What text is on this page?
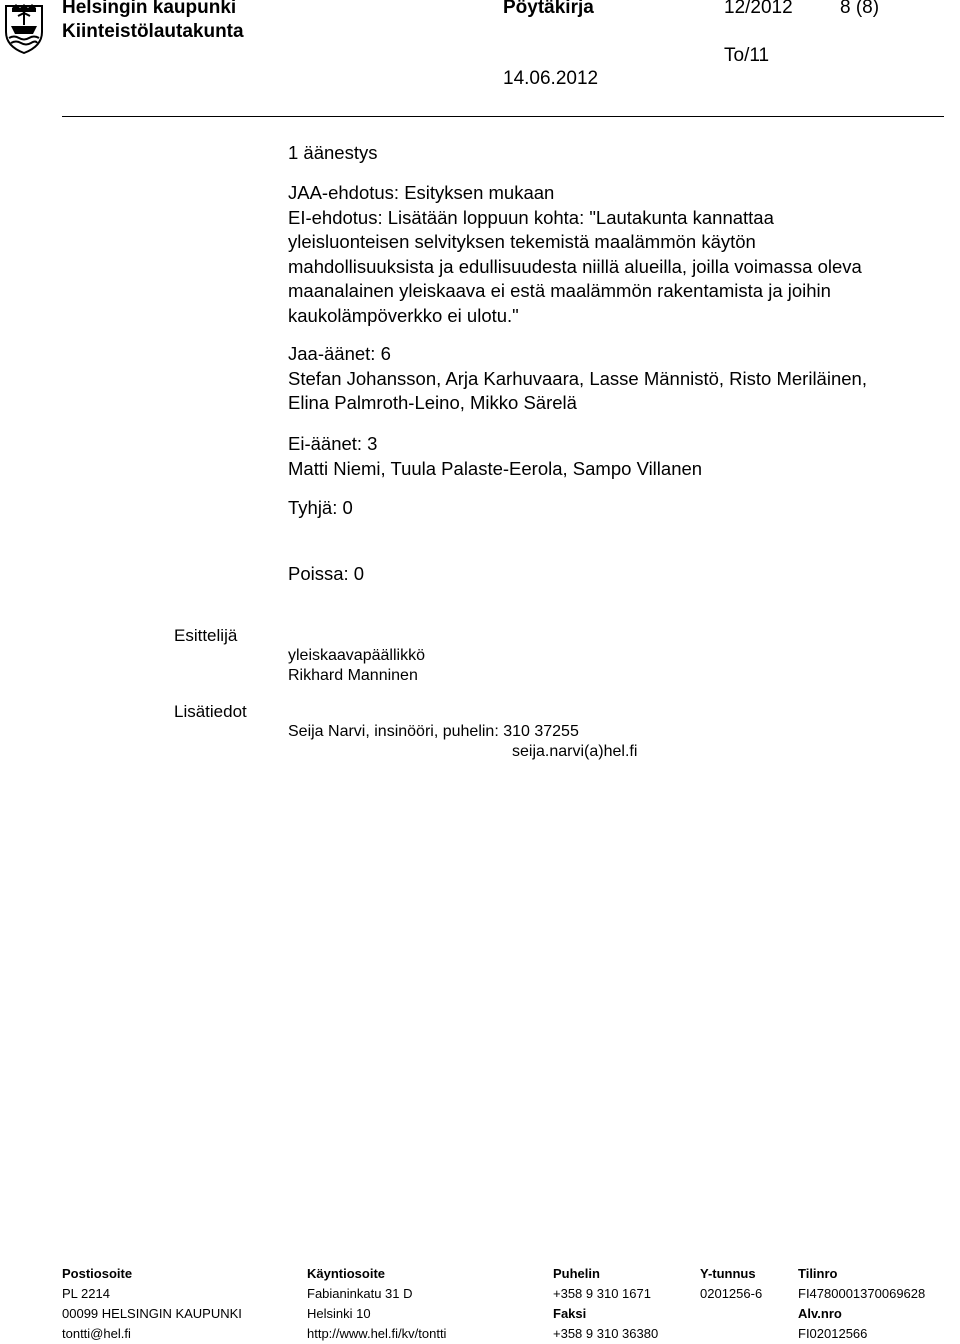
Helsingin kaupunki
Kiinteistölautakunta
Pöytäkirja	12/2012 8 (8)
To/11
14.06.2012
1 äänestys
JAA-ehdotus: Esityksen mukaan
EI-ehdotus: Lisätään loppuun kohta: "Lautakunta kannattaa
yleisluonteisen selvityksen tekemistä maalämmön käytön
mahdollisuuksista ja edullisuudesta niillä alueilla, joilla voimassa oleva
maanalainen yleiskaava ei estä maalämmön rakentamista ja joihin
kaukolämpöverkko ei ulotu."
Jaa-äänet: 6
Stefan Johansson, Arja Karhuvaara, Lasse Männistö, Risto Meriläinen,
Elina Palmroth-Leino, Mikko Särelä
Ei-äänet: 3
Matti Niemi, Tuula Palaste-Eerola, Sampo Villanen
Tyhjä: 0
Poissa: 0
Esittelijä
yleiskaavapäällikkö
Rikhard Manninen
Lisätiedot
Seija Narvi, insinööri, puhelin: 310 37255
seija.narvi(a)hel.fi
Postiosoite
PL 2214
00099 HELSINGIN KAUPUNKI
tontti@hel.fi
Käyntiosoite
Fabianinkatu 31 D
Helsinki 10
http://www.hel.fi/kv/tontti
Puhelin
+358 9 310 1671
Faksi
+358 9 310 36380
Y-tunnus
0201256-6
Tilinro
FI4780001370069628
Alv.nro
FI02012566
